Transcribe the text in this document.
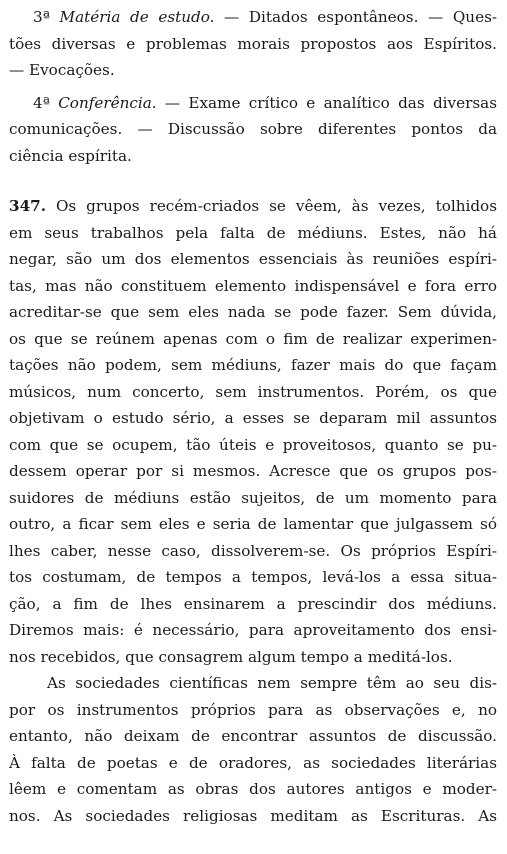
3ª Matéria de estudo. — Ditados espontâneos. — Ques-
tões diversas e problemas morais propostos aos Espíritos.
— Evocações.
4ª Conferência. — Exame crítico e analítico das diversas
comunicações. — Discussão sobre diferentes pontos da
ciência espírita.
347. Os grupos recém-criados se vêem, às vezes, tolhidos
em seus trabalhos pela falta de médiuns. Estes, não há
negar, são um dos elementos essenciais às reuniões espíri-
tas, mas não constituem elemento indispensável e fora erro
acreditar-se que sem eles nada se pode fazer. Sem dúvida,
os que se reúnem apenas com o fim de realizar experimen-
tações não podem, sem médiuns, fazer mais do que façam
músicos, num concerto, sem instrumentos. Porém, os que
objetivam o estudo sério, a esses se deparam mil assuntos
com que se ocupem, tão úteis e proveitosos, quanto se pu-
dessem operar por si mesmos. Acresce que os grupos pos-
suidores de médiuns estão sujeitos, de um momento para
outro, a ficar sem eles e seria de lamentar que julgassem só
lhes caber, nesse caso, dissolverem-se. Os próprios Espíri-
tos costumam, de tempos a tempos, levá-los a essa situa-
ção, a fim de lhes ensinarem a prescindir dos médiuns.
Diremos mais: é necessário, para aproveitamento dos ensi-
nos recebidos, que consagrem algum tempo a meditá-los.
As sociedades científicas nem sempre têm ao seu dis-
por os instrumentos próprios para as observações e, no
entanto, não deixam de encontrar assuntos de discussão.
À falta de poetas e de oradores, as sociedades literárias
lêem e comentam as obras dos autores antigos e moder-
nos. As sociedades religiosas meditam as Escrituras. As
